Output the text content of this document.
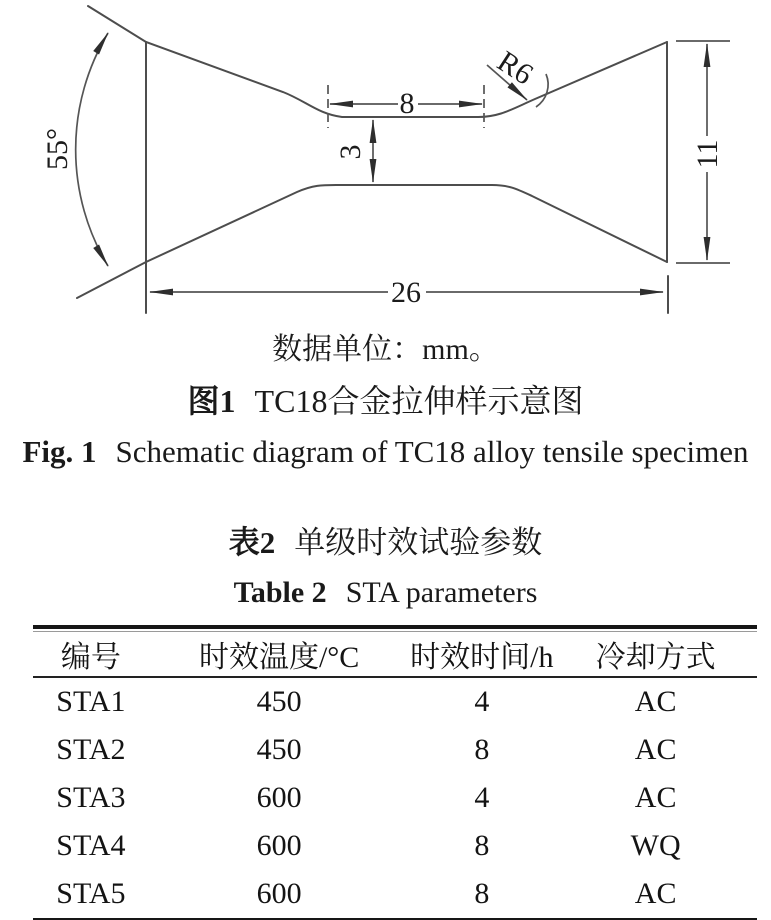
55°
8
3
R6
11
26

数据单位：mm。

图1 TC18合金拉伸样示意图

Fig. 1 Schematic diagram of TC18 alloy tensile specimen

表2 单级时效试验参数

Table 2 STA parameters

编号	时效温度/°C	时效时间/h	冷却方式
STA1	450	4	AC
STA2	450	8	AC
STA3	600	4	AC
STA4	600	8	WQ
STA5	600	8	AC
